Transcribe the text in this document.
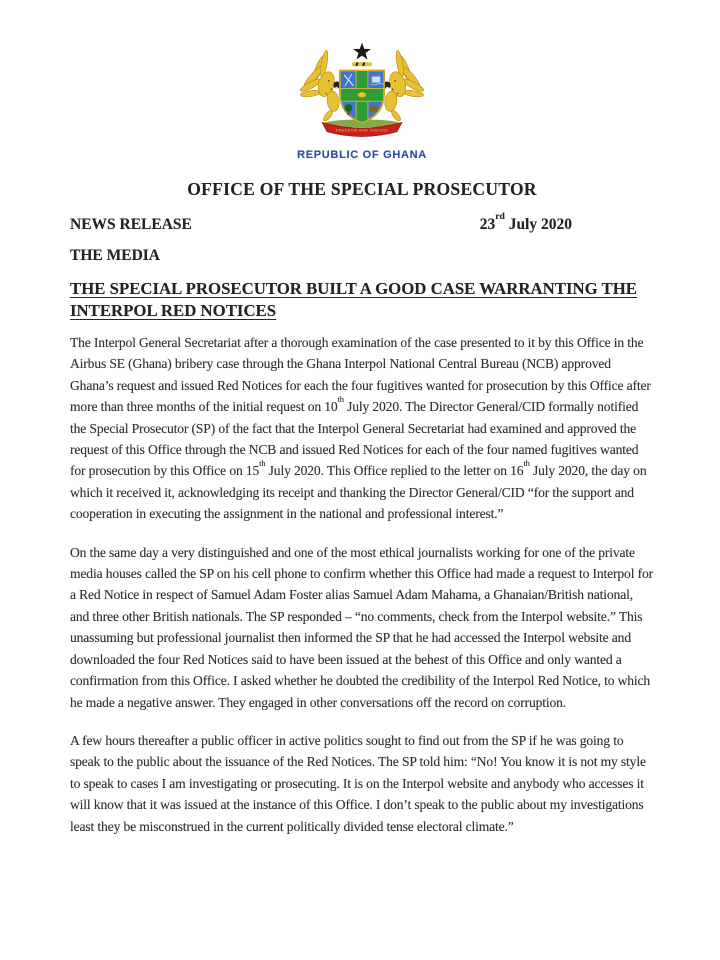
FREEDOM AND JUSTICE
REPUBLIC OF GHANA
OFFICE OF THE SPECIAL PROSECUTOR
NEWS RELEASE	23rd July 2020
THE MEDIA
THE SPECIAL PROSECUTOR BUILT A GOOD CASE WARRANTING THE
INTERPOL RED NOTICES

The Interpol General Secretariat after a thorough examination of the case presented to it by this Office in the Airbus SE (Ghana) bribery case through the Ghana Interpol National Central Bureau (NCB) approved Ghana’s request and issued Red Notices for each the four fugitives wanted for prosecution by this Office after more than three months of the initial request on 10th July 2020. The Director General/CID formally notified the Special Prosecutor (SP) of the fact that the Interpol General Secretariat had examined and approved the request of this Office through the NCB and issued Red Notices for each of the four named fugitives wanted for prosecution by this Office on 15th July 2020. This Office replied to the letter on 16th July 2020, the day on which it received it, acknowledging its receipt and thanking the Director General/CID “for the support and cooperation in executing the assignment in the national and professional interest.”

On the same day a very distinguished and one of the most ethical journalists working for one of the private media houses called the SP on his cell phone to confirm whether this Office had made a request to Interpol for a Red Notice in respect of Samuel Adam Foster alias Samuel Adam Mahama, a Ghanaian/British national, and three other British nationals. The SP responded – “no comments, check from the Interpol website.” This unassuming but professional journalist then informed the SP that he had accessed the Interpol website and downloaded the four Red Notices said to have been issued at the behest of this Office and only wanted a confirmation from this Office. I asked whether he doubted the credibility of the Interpol Red Notice, to which he made a negative answer. They engaged in other conversations off the record on corruption.

A few hours thereafter a public officer in active politics sought to find out from the SP if he was going to speak to the public about the issuance of the Red Notices. The SP told him: “No! You know it is not my style to speak to cases I am investigating or prosecuting. It is on the Interpol website and anybody who accesses it will know that it was issued at the instance of this Office. I don’t speak to the public about my investigations least they be misconstrued in the current politically divided tense electoral climate.”
